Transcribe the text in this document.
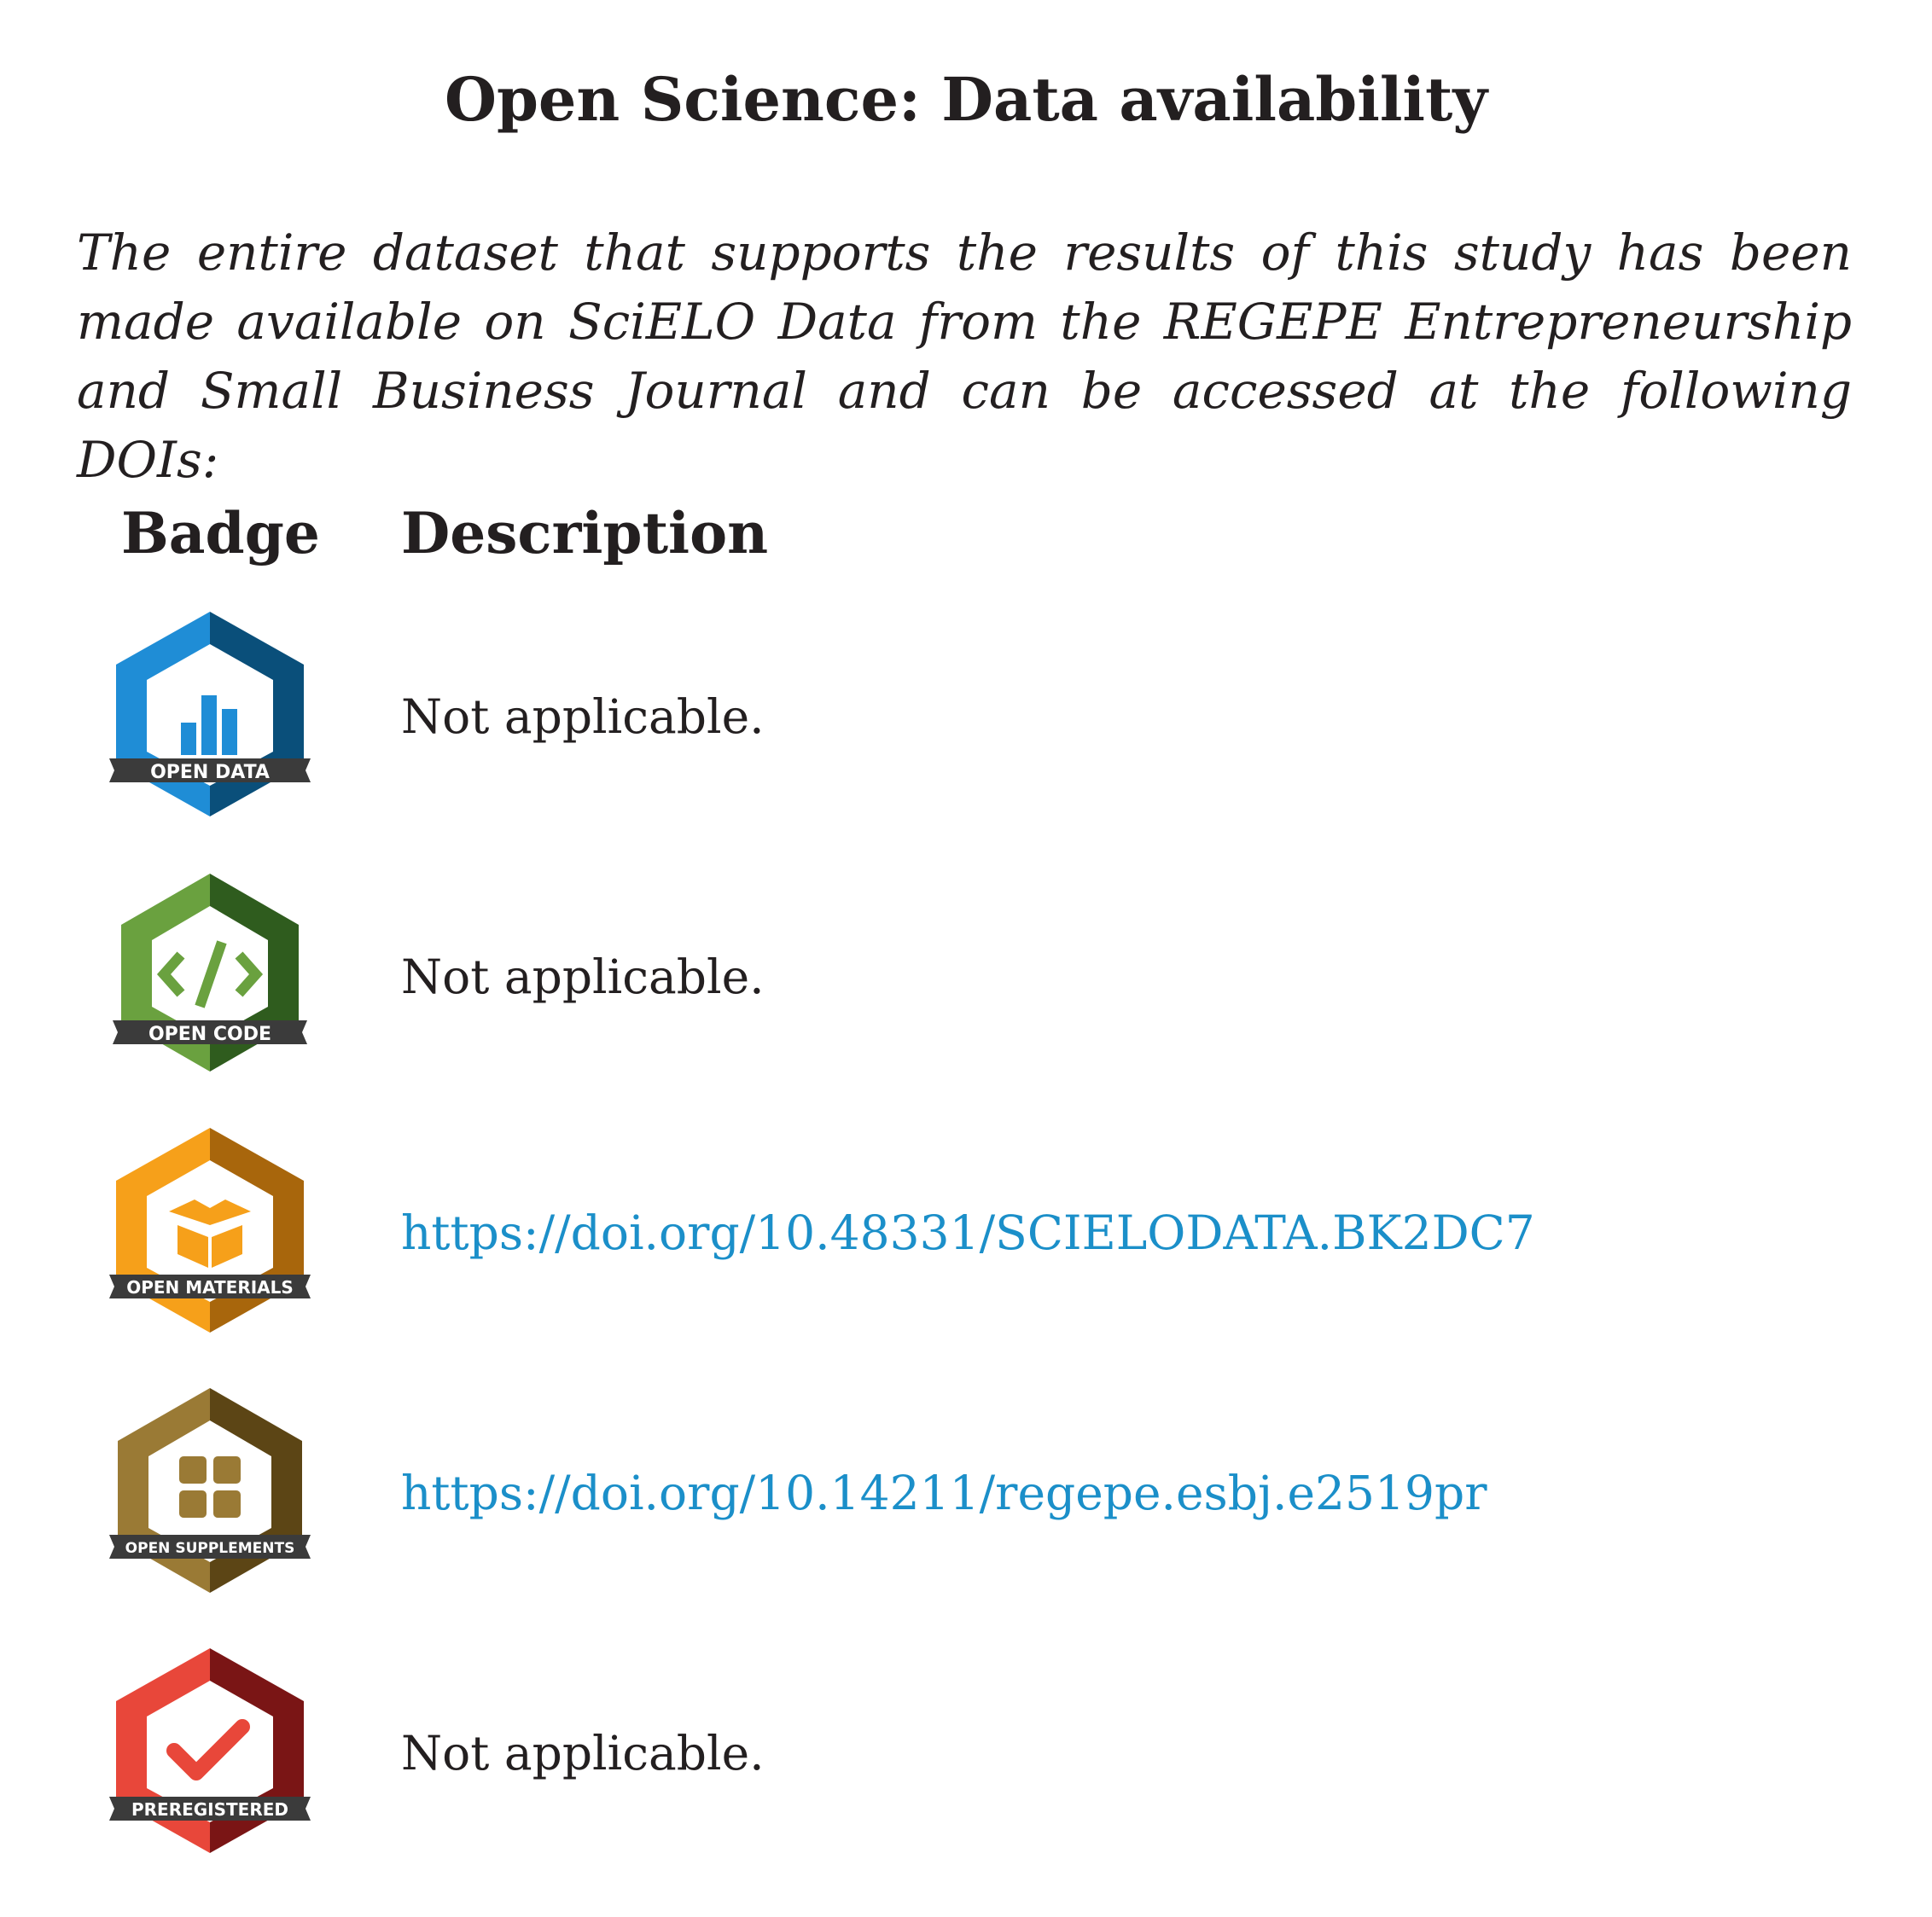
Open Science: Data availability
The entire dataset that supports the results of this study has been made available on SciELO Data from the REGEPE Entrepreneurship and Small Business Journal and can be accessed at the following DOIs:
Badge Description
OPEN DATA
Not applicable.
OPEN CODE
Not applicable.
OPEN MATERIALS
https://doi.org/10.48331/SCIELODATA.BK2DC7
OPEN SUPPLEMENTS
https://doi.org/10.14211/regepe.esbj.e2519pr
PREREGISTERED
Not applicable.
